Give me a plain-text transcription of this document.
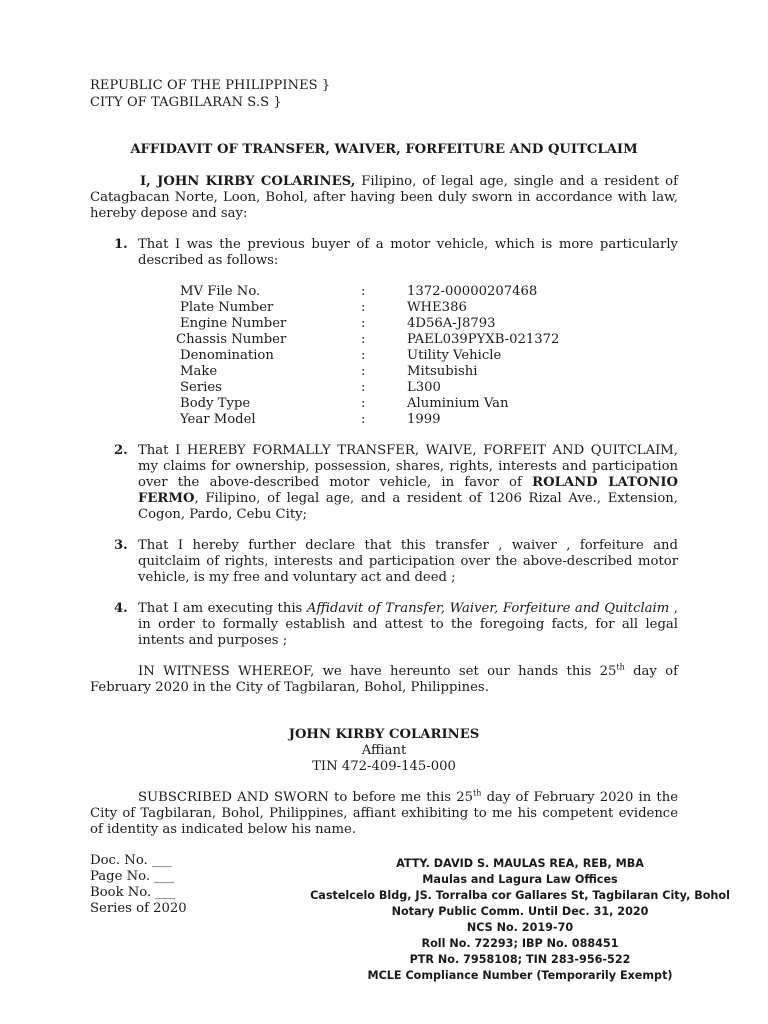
REPUBLIC OF THE PHILIPPINES }
CITY OF TAGBILARAN S.S }
AFFIDAVIT OF TRANSFER, WAIVER, FORFEITURE AND QUITCLAIM
I, JOHN KIRBY COLARINES, Filipino, of legal age, single and a resident of Catagbacan Norte, Loon, Bohol, after having been duly sworn in accordance with law, hereby depose and say:
1. That I was the previous buyer of a motor vehicle, which is more particularly described as follows:
MV File No.	:	1372-00000207468
Plate Number	:	WHE386
Engine Number	:	4D56A-J8793
Chassis Number	:	PAEL039PYXB-021372
Denomination	:	Utility Vehicle
Make	:	Mitsubishi
Series	:	L300
Body Type	:	Aluminium Van
Year Model	:	1999
2. That I HEREBY FORMALLY TRANSFER, WAIVE, FORFEIT AND QUITCLAIM, my claims for ownership, possession, shares, rights, interests and participation over the above-described motor vehicle, in favor of ROLAND LATONIO FERMO, Filipino, of legal age, and a resident of 1206 Rizal Ave., Extension, Cogon, Pardo, Cebu City;
3. That I hereby further declare that this transfer , waiver , forfeiture and quitclaim of rights, interests and participation over the above-described motor vehicle, is my free and voluntary act and deed ;
4. That I am executing this Affidavit of Transfer, Waiver, Forfeiture and Quitclaim , in order to formally establish and attest to the foregoing facts, for all legal intents and purposes ;
IN WITNESS WHEREOF, we have hereunto set our hands this 25th day of February 2020 in the City of Tagbilaran, Bohol, Philippines.
JOHN KIRBY COLARINES
Affiant
TIN 472-409-145-000
SUBSCRIBED AND SWORN to before me this 25th day of February 2020 in the City of Tagbilaran, Bohol, Philippines, affiant exhibiting to me his competent evidence of identity as indicated below his name.
Doc. No. ___
Page No. ___
Book No. ___
Series of 2020
ATTY. DAVID S. MAULAS REA, REB, MBA
Maulas and Lagura Law Offices
Castelcelo Bldg, JS. Torralba cor Gallares St, Tagbilaran City, Bohol
Notary Public Comm. Until Dec. 31, 2020
NCS No. 2019-70
Roll No. 72293; IBP No. 088451
PTR No. 7958108; TIN 283-956-522
MCLE Compliance Number (Temporarily Exempt)
